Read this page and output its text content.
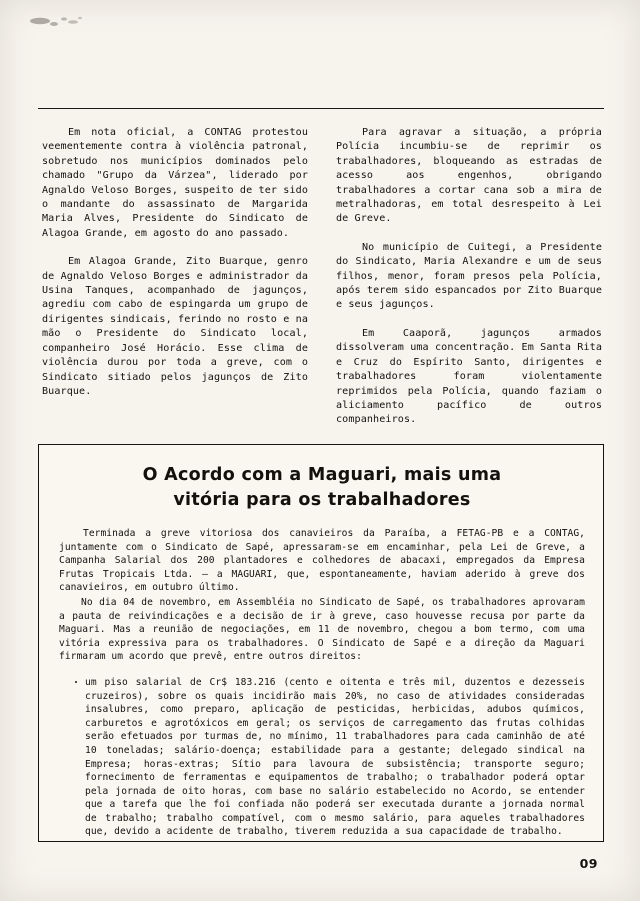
Em nota oficial, a CONTAG protestou veementemente contra à violência patronal, sobretudo nos municípios dominados pelo chamado "Grupo da Várzea", liderado por Agnaldo Veloso Borges, suspeito de ter sido o mandante do assassinato de Margarida Maria Alves, Presidente do Sindicato de Alagoa Grande, em agosto do ano passado.

Em Alagoa Grande, Zito Buarque, genro de Agnaldo Veloso Borges e administrador da Usina Tanques, acompanhado de jagunços, agrediu com cabo de espingarda um grupo de dirigentes sindicais, ferindo no rosto e na mão o Presidente do Sindicato local, companheiro José Horácio. Esse clima de violência durou por toda a greve, com o Sindicato sitiado pelos jagunços de Zito Buarque.

Para agravar a situação, a própria Polícia incumbiu-se de reprimir os trabalhadores, bloqueando as estradas de acesso aos engenhos, obrigando trabalhadores a cortar cana sob a mira de metralhadoras, em total desrespeito à Lei de Greve.

No município de Cuitegi, a Presidente do Sindicato, Maria Alexandre e um de seus filhos, menor, foram presos pela Polícia, após terem sido espancados por Zito Buarque e seus jagunços.

Em Caaporã, jagunços armados dissolveram uma concentração. Em Santa Rita e Cruz do Espírito Santo, dirigentes e trabalhadores foram violentamente reprimidos pela Polícia, quando faziam o aliciamento pacífico de outros companheiros.

O Acordo com a Maguari, mais uma
vitória para os trabalhadores

Terminada a greve vitoriosa dos canavieiros da Paraíba, a FETAG-PB e a CONTAG, juntamente com o Sindicato de Sapé, apressaram-se em encaminhar, pela Lei de Greve, a Campanha Salarial dos 200 plantadores e colhedores de abacaxi, empregados da Empresa Frutas Tropicais Ltda. — a MAGUARI, que, espontaneamente, haviam aderido à greve dos canavieiros, em outubro último.

No dia 04 de novembro, em Assembléia no Sindicato de Sapé, os trabalhadores aprovaram a pauta de reivindicações e a decisão de ir à greve, caso houvesse recusa por parte da Maguari. Mas a reunião de negociações, em 11 de novembro, chegou a bom termo, com uma vitória expressiva para os trabalhadores. O Sindicato de Sapé e a direção da Maguari firmaram um acordo que prevê, entre outros direitos:

um piso salarial de Cr$ 183.216 (cento e oitenta e três mil, duzentos e dezesseis cruzeiros), sobre os quais incidirão mais 20%, no caso de atividades consideradas insalubres, como preparo, aplicação de pesticidas, herbicidas, adubos químicos, carburetos e agrotóxicos em geral; os serviços de carregamento das frutas colhidas serão efetuados por turmas de, no mínimo, 11 trabalhadores para cada caminhão de até 10 toneladas; salário-doença; estabilidade para a gestante; delegado sindical na Empresa; horas-extras; Sítio para lavoura de subsistência; transporte seguro; fornecimento de ferramentas e equipamentos de trabalho; o trabalhador poderá optar pela jornada de oito horas, com base no salário estabelecido no Acordo, se entender que a tarefa que lhe foi confiada não poderá ser executada durante a jornada normal de trabalho; trabalho compatível, com o mesmo salário, para aqueles trabalhadores que, devido a acidente de trabalho, tiverem reduzida a sua capacidade de trabalho.

09
